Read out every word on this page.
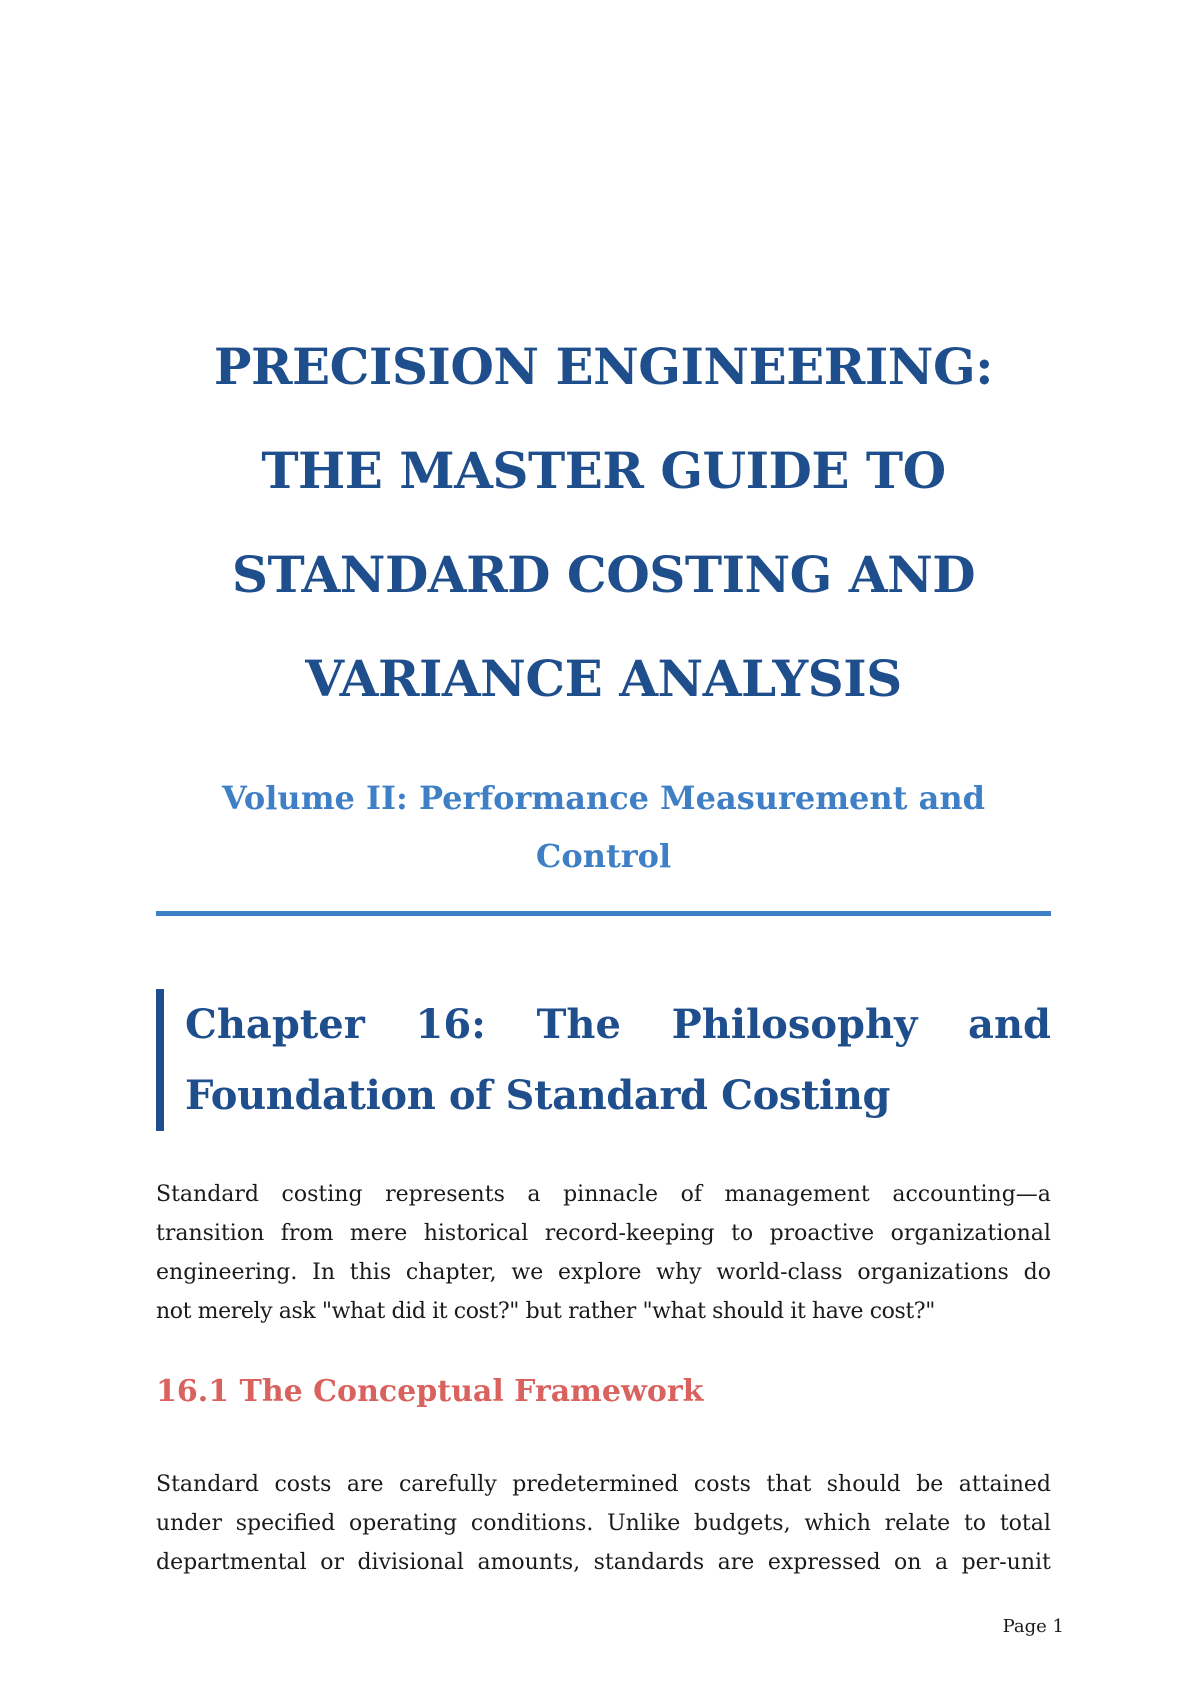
PRECISION ENGINEERING:
THE MASTER GUIDE TO
STANDARD COSTING AND
VARIANCE ANALYSIS
Volume II: Performance Measurement and
Control
Chapter 16: The Philosophy and
Foundation of Standard Costing
Standard costing represents a pinnacle of management accounting—a
transition from mere historical record-keeping to proactive organizational
engineering. In this chapter, we explore why world-class organizations do
not merely ask "what did it cost?" but rather "what should it have cost?"
16.1 The Conceptual Framework
Standard costs are carefully predetermined costs that should be attained
under specified operating conditions. Unlike budgets, which relate to total
departmental or divisional amounts, standards are expressed on a per-unit
Page 1
